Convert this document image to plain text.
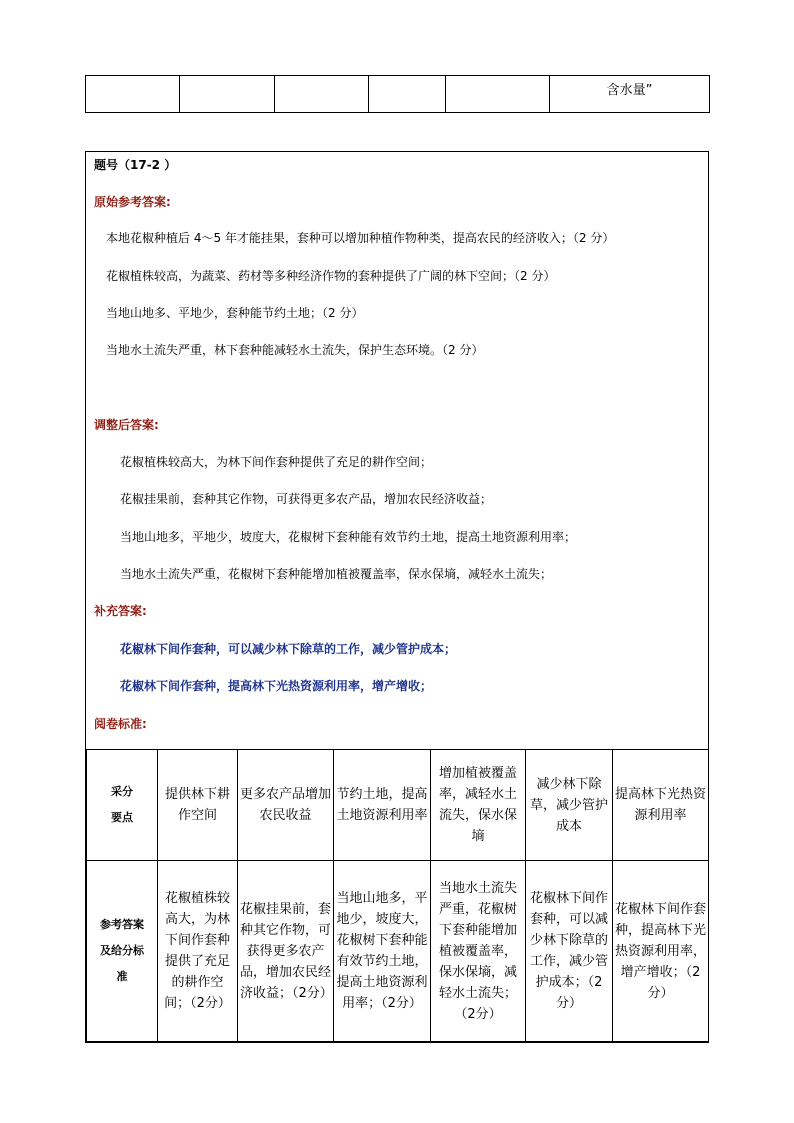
					含水量”
题号（17-2 ）
原始参考答案:
本地花椒种植后 4～5 年才能挂果，套种可以增加种植作物种类，提高农民的经济收入；（2 分）
花椒植株较高，为蔬菜、药材等多种经济作物的套种提供了广阔的林下空间；（2 分）
当地山地多、平地少，套种能节约土地；（2 分）
当地水土流失严重，林下套种能减轻水土流失，保护生态环境。（2 分）
调整后答案:
花椒植株较高大，为林下间作套种提供了充足的耕作空间；
花椒挂果前，套种其它作物，可获得更多农产品，增加农民经济收益；
当地山地多，平地少，坡度大，花椒树下套种能有效节约土地，提高土地资源利用率；
当地水土流失严重，花椒树下套种能增加植被覆盖率，保水保墒，减轻水土流失；
补充答案:
花椒林下间作套种，可以减少林下除草的工作，减少管护成本；
花椒林下间作套种，提高林下光热资源利用率，增产增收；
阅卷标准:
采分
要点	提供林下耕作空间	更多农产品增加农民收益	节约土地，提高土地资源利用率	增加植被覆盖率，减轻水土流失，保水保墒	减少林下除草，减少管护成本	提高林下光热资源利用率

参考答案
及给分标
准	花椒植株较高大，为林下间作套种提供了充足的耕作空间；（2分）	花椒挂果前，套种其它作物，可获得更多农产品，增加农民经济收益；（2分）	当地山地多，平地少，坡度大，花椒树下套种能有效节约土地，提高土地资源利用率；（2分）	当地水土流失严重，花椒树下套种能增加植被覆盖率，保水保墒，减轻水土流失；（2分）	花椒林下间作套种，可以减少林下除草的工作，减少管护成本；（2分）	花椒林下间作套种，提高林下光热资源利用率，增产增收；（2分）
